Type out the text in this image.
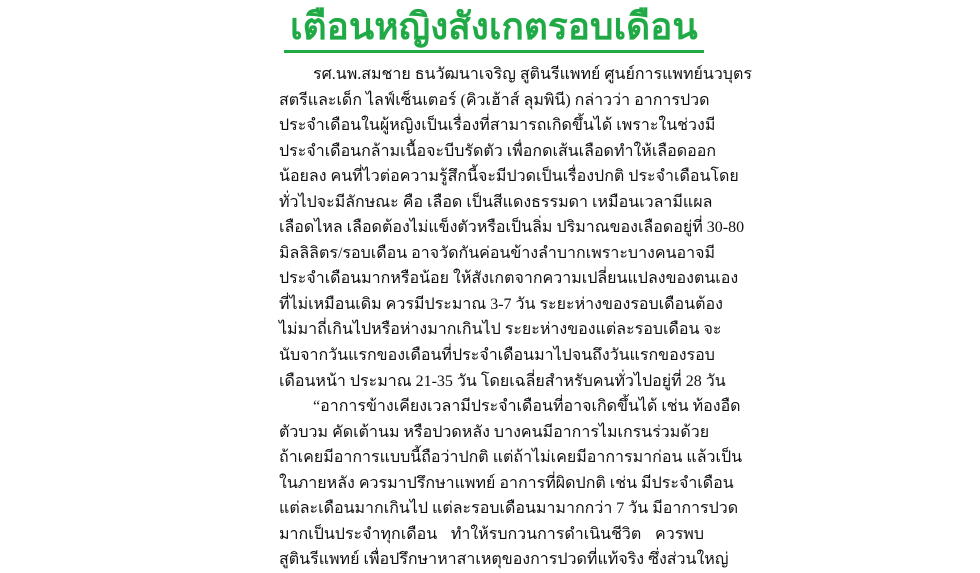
เตือนหญิงสังเกตรอบเดือน
รศ.นพ.สมชาย ธนวัฒนาเจริญ สูตินรีแพทย์ ศูนย์การแพทย์นวบุตร
สตรีและเด็ก ไลฟ์เซ็นเตอร์ (คิวเฮ้าส์ ลุมพินี) กล่าวว่า อาการปวด
ประจำเดือนในผู้หญิงเป็นเรื่องที่สามารถเกิดขึ้นได้ เพราะในช่วงมี
ประจำเดือนกล้ามเนื้อจะบีบรัดตัว เพื่อกดเส้นเลือดทำให้เลือดออก
น้อยลง คนที่ไวต่อความรู้สึกนี้จะมีปวดเป็นเรื่องปกติ ประจำเดือนโดย
ทั่วไปจะมีลักษณะ คือ เลือด เป็นสีแดงธรรมดา เหมือนเวลามีแผล
เลือดไหล เลือดต้องไม่แข็งตัวหรือเป็นลิ่ม ปริมาณของเลือดอยู่ที่ 30-80
มิลลิลิตร/รอบเดือน อาจวัดกันค่อนข้างลำบากเพราะบางคนอาจมี
ประจำเดือนมากหรือน้อย ให้สังเกตจากความเปลี่ยนแปลงของตนเอง
ที่ไม่เหมือนเดิม ควรมีประมาณ 3-7 วัน ระยะห่างของรอบเดือนต้อง
ไม่มาถี่เกินไปหรือห่างมากเกินไป ระยะห่างของแต่ละรอบเดือน จะ
นับจากวันแรกของเดือนที่ประจำเดือนมาไปจนถึงวันแรกของรอบ
เดือนหน้า ประมาณ 21-35 วัน โดยเฉลี่ยสำหรับคนทั่วไปอยู่ที่ 28 วัน
“อาการข้างเคียงเวลามีประจำเดือนที่อาจเกิดขึ้นได้ เช่น ท้องอืด
ตัวบวม คัดเต้านม หรือปวดหลัง บางคนมีอาการไมเกรนร่วมด้วย
ถ้าเคยมีอาการแบบนี้ถือว่าปกติ แต่ถ้าไม่เคยมีอาการมาก่อน แล้วเป็น
ในภายหลัง ควรมาปรึกษาแพทย์ อาการที่ผิดปกติ เช่น มีประจำเดือน
แต่ละเดือนมากเกินไป แต่ละรอบเดือนมามากกว่า 7 วัน มีอาการปวด
มากเป็นประจำทุกเดือน ทำให้รบกวนการดำเนินชีวิต ควรพบ
สูตินรีแพทย์ เพื่อปรึกษาหาสาเหตุของการปวดที่แท้จริง ซึ่งส่วนใหญ่
